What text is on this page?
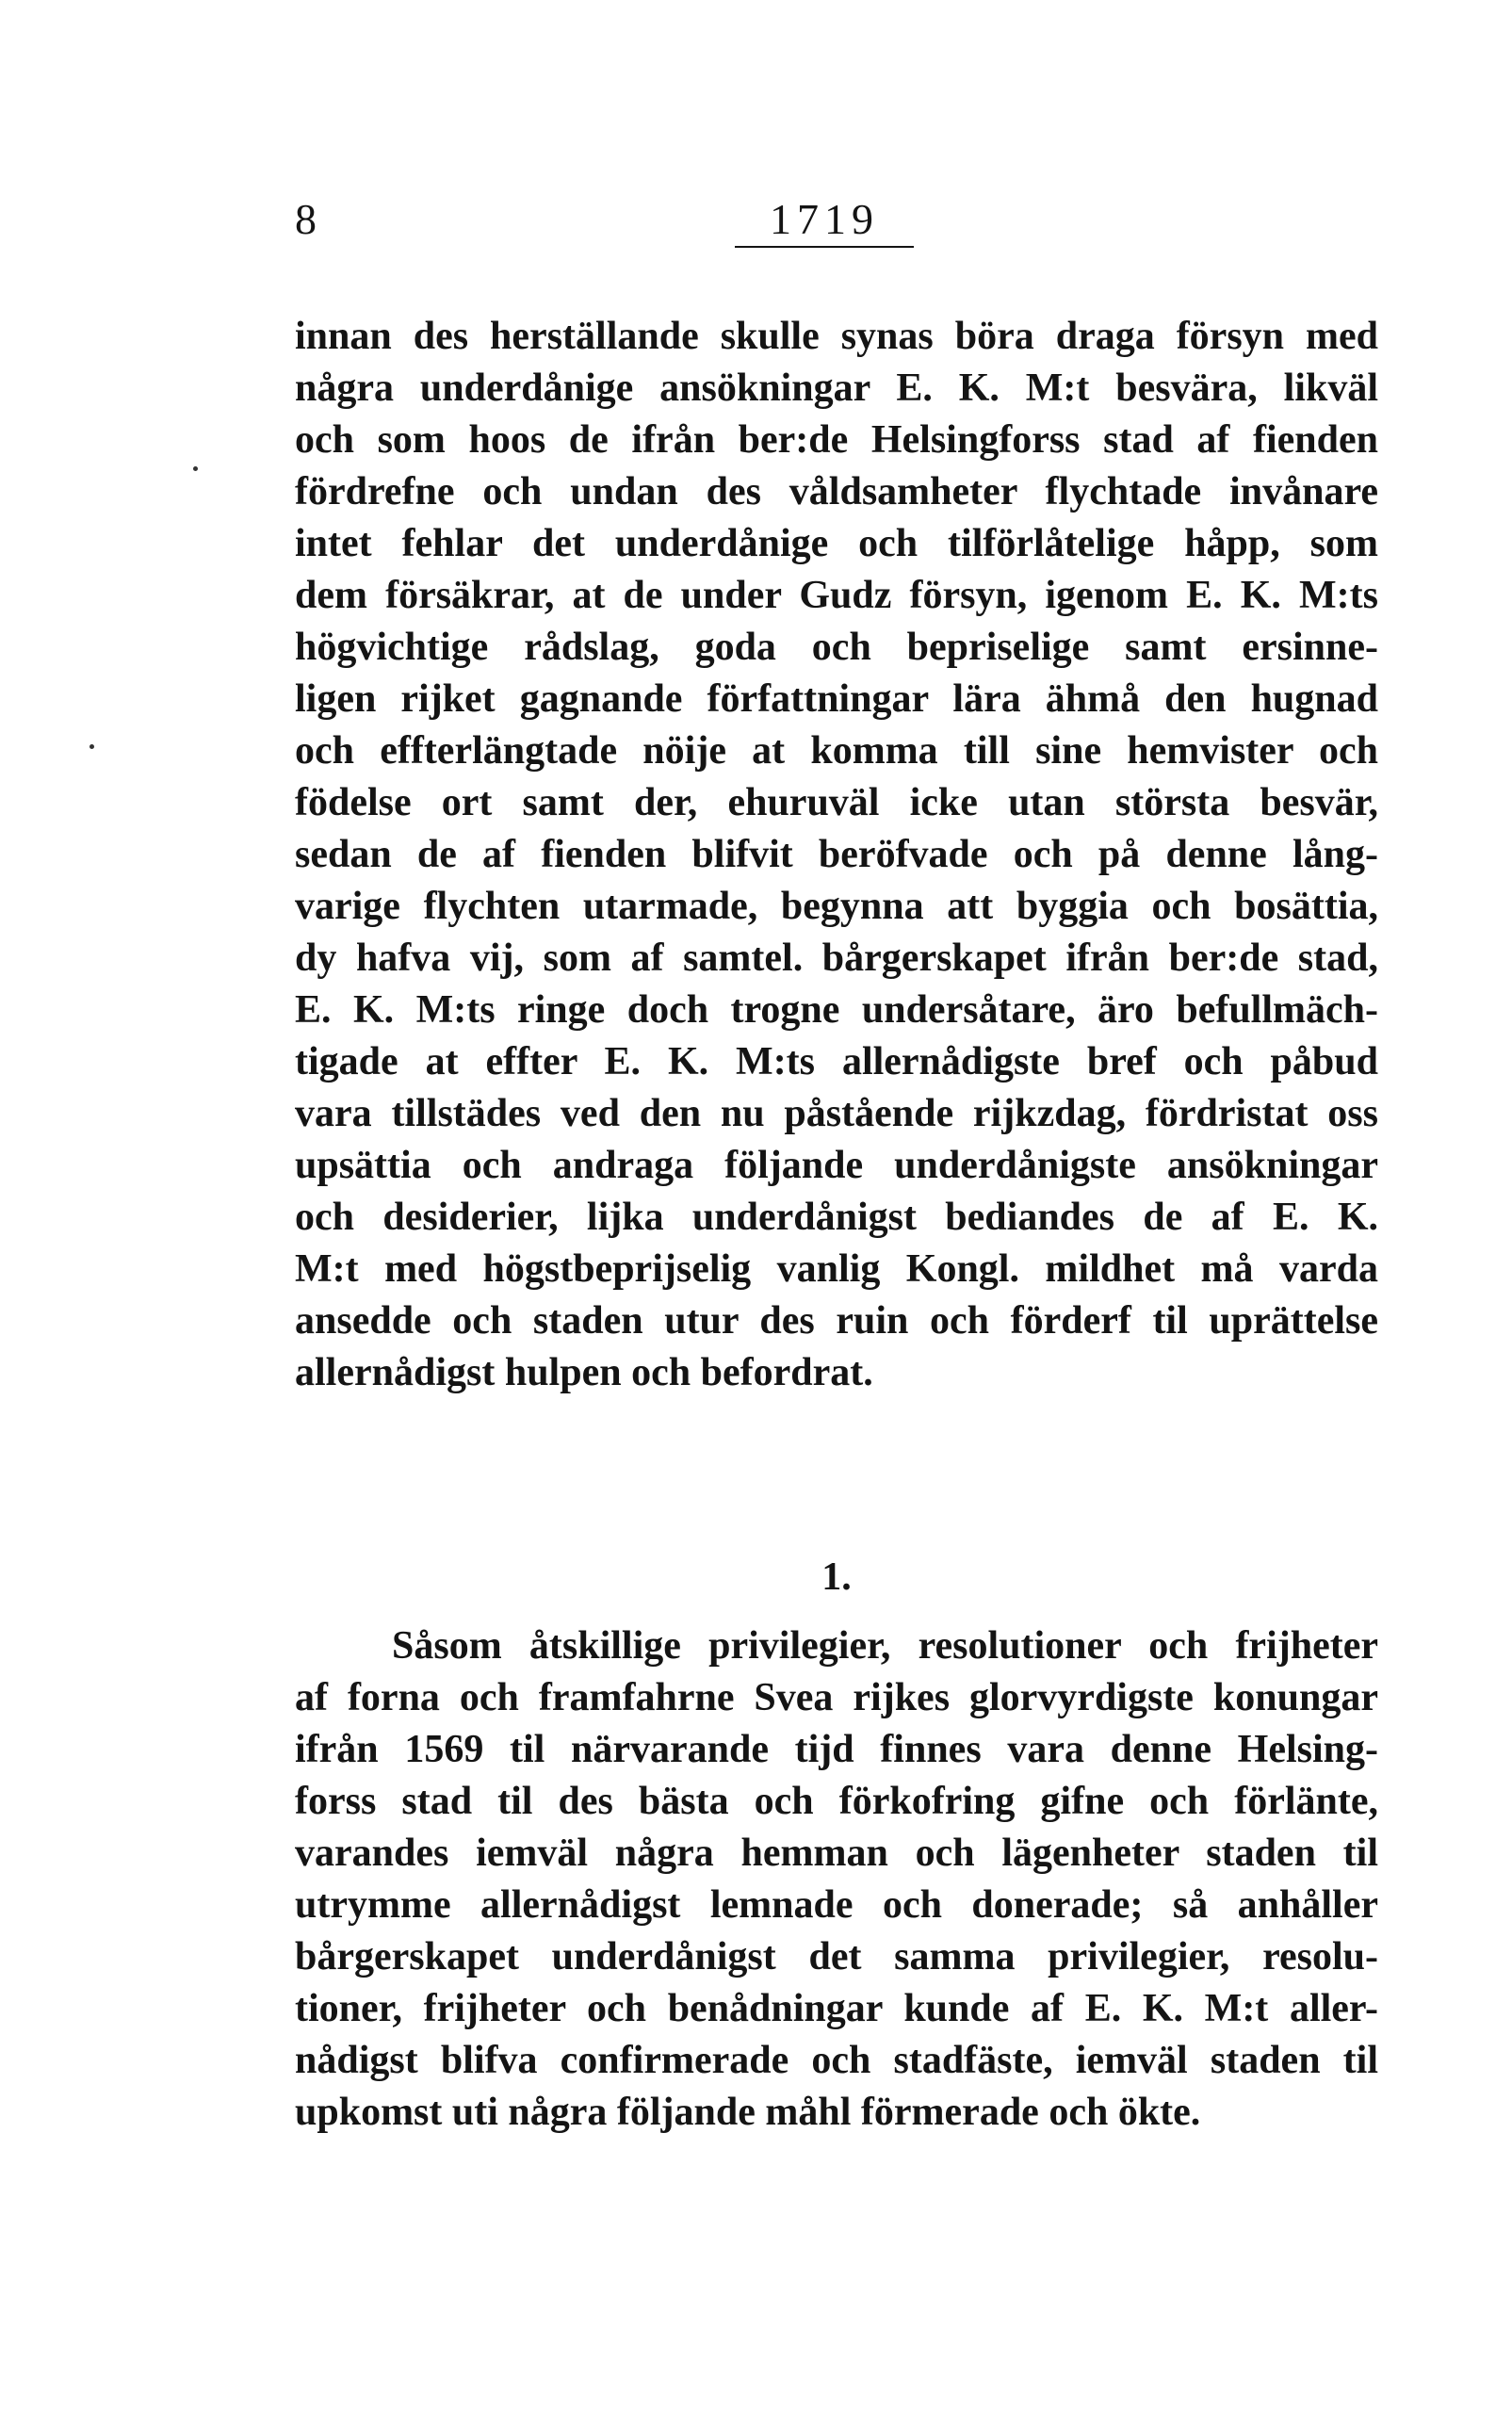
8	1719
innan des herställande skulle synas böra draga försyn med
några underdånige ansökningar E. K. M:t besvära, likväl
och som hoos de ifrån ber:de Helsingforss stad af fienden
fördrefne och undan des våldsamheter flychtade invånare
intet fehlar det underdånige och tilförlåtelige håpp, som
dem försäkrar, at de under Gudz försyn, igenom E. K. M:ts
högvichtige rådslag, goda och bepriselige samt ersinne-
ligen rijket gagnande författningar lära ähmå den hugnad
och effterlängtade nöije at komma till sine hemvister och
födelse ort samt der, ehuruväl icke utan största besvär,
sedan de af fienden blifvit beröfvade och på denne lång-
varige flychten utarmade, begynna att byggia och bosättia,
dy hafva vij, som af samtel. bårgerskapet ifrån ber:de stad,
E. K. M:ts ringe doch trogne undersåtare, äro befullmäch-
tigade at effter E. K. M:ts allernådigste bref och påbud
vara tillstädes ved den nu påstående rijkzdag, fördristat oss
upsättia och andraga följande underdånigste ansökningar
och desiderier, lijka underdånigst bediandes de af E. K.
M:t med högstbeprijselig vanlig Kongl. mildhet må varda
ansedde och staden utur des ruin och förderf til uprättelse
allernådigst hulpen och befordrat.
1.
Såsom åtskillige privilegier, resolutioner och frijheter
af forna och framfahrne Svea rijkes glorvyrdigste konungar
ifrån 1569 til närvarande tijd finnes vara denne Helsing-
forss stad til des bästa och förkofring gifne och förlänte,
varandes iemväl några hemman och lägenheter staden til
utrymme allernådigst lemnade och donerade; så anhåller
bårgerskapet underdånigst det samma privilegier, resolu-
tioner, frijheter och benådningar kunde af E. K. M:t aller-
nådigst blifva confirmerade och stadfäste, iemväl staden til
upkomst uti några följande måhl förmerade och ökte.
